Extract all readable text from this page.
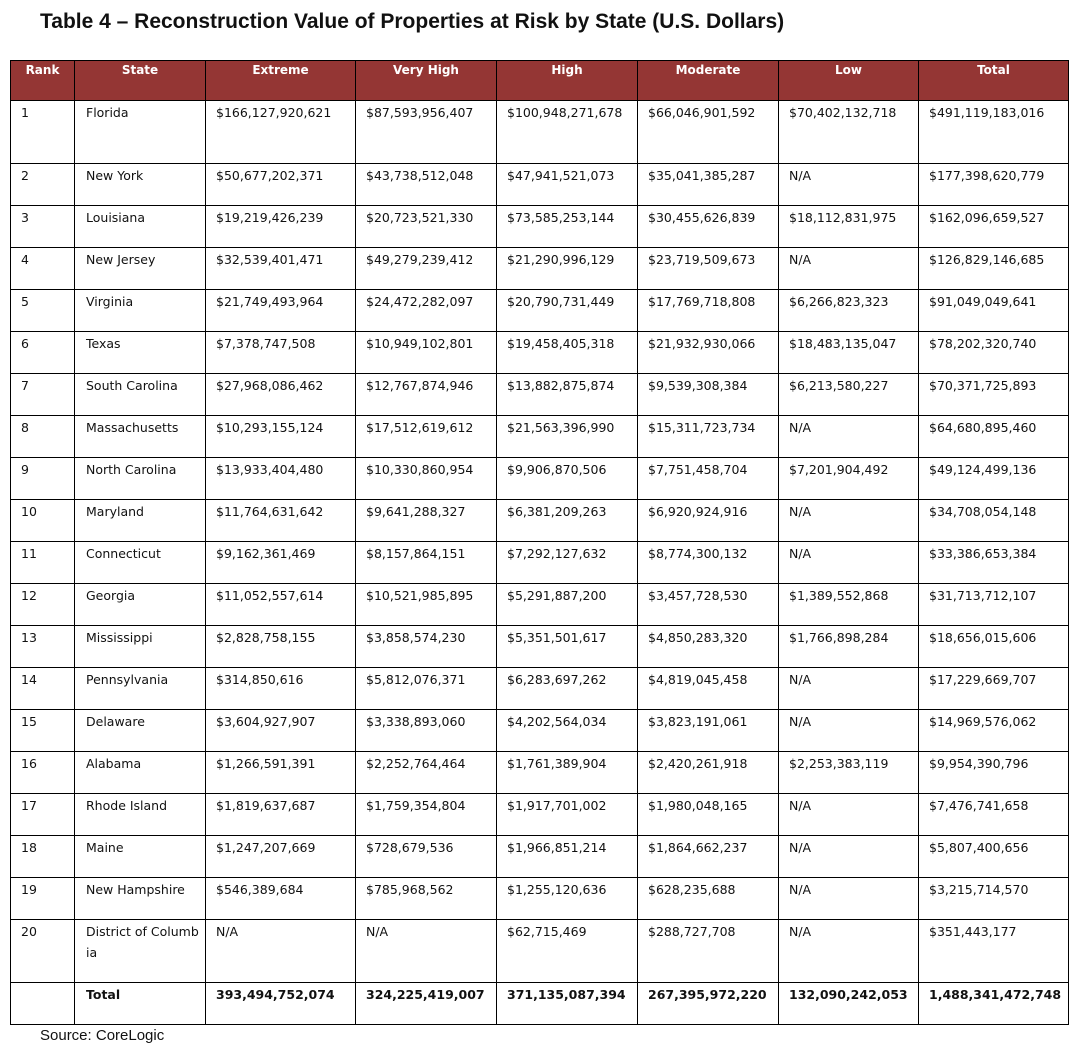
Table 4 – Reconstruction Value of Properties at Risk by State (U.S. Dollars)
Rank	State	Extreme	Very High	High	Moderate	Low	Total
1	Florida	$166,127,920,621	$87,593,956,407	$100,948,271,678	$66,046,901,592	$70,402,132,718	$491,119,183,016
2	New York	$50,677,202,371	$43,738,512,048	$47,941,521,073	$35,041,385,287	N/A	$177,398,620,779
3	Louisiana	$19,219,426,239	$20,723,521,330	$73,585,253,144	$30,455,626,839	$18,112,831,975	$162,096,659,527
4	New Jersey	$32,539,401,471	$49,279,239,412	$21,290,996,129	$23,719,509,673	N/A	$126,829,146,685
5	Virginia	$21,749,493,964	$24,472,282,097	$20,790,731,449	$17,769,718,808	$6,266,823,323	$91,049,049,641
6	Texas	$7,378,747,508	$10,949,102,801	$19,458,405,318	$21,932,930,066	$18,483,135,047	$78,202,320,740
7	South Carolina	$27,968,086,462	$12,767,874,946	$13,882,875,874	$9,539,308,384	$6,213,580,227	$70,371,725,893
8	Massachusetts	$10,293,155,124	$17,512,619,612	$21,563,396,990	$15,311,723,734	N/A	$64,680,895,460
9	North Carolina	$13,933,404,480	$10,330,860,954	$9,906,870,506	$7,751,458,704	$7,201,904,492	$49,124,499,136
10	Maryland	$11,764,631,642	$9,641,288,327	$6,381,209,263	$6,920,924,916	N/A	$34,708,054,148
11	Connecticut	$9,162,361,469	$8,157,864,151	$7,292,127,632	$8,774,300,132	N/A	$33,386,653,384
12	Georgia	$11,052,557,614	$10,521,985,895	$5,291,887,200	$3,457,728,530	$1,389,552,868	$31,713,712,107
13	Mississippi	$2,828,758,155	$3,858,574,230	$5,351,501,617	$4,850,283,320	$1,766,898,284	$18,656,015,606
14	Pennsylvania	$314,850,616	$5,812,076,371	$6,283,697,262	$4,819,045,458	N/A	$17,229,669,707
15	Delaware	$3,604,927,907	$3,338,893,060	$4,202,564,034	$3,823,191,061	N/A	$14,969,576,062
16	Alabama	$1,266,591,391	$2,252,764,464	$1,761,389,904	$2,420,261,918	$2,253,383,119	$9,954,390,796
17	Rhode Island	$1,819,637,687	$1,759,354,804	$1,917,701,002	$1,980,048,165	N/A	$7,476,741,658
18	Maine	$1,247,207,669	$728,679,536	$1,966,851,214	$1,864,662,237	N/A	$5,807,400,656
19	New Hampshire	$546,389,684	$785,968,562	$1,255,120,636	$628,235,688	N/A	$3,215,714,570
20	District of Columbia	N/A	N/A	$62,715,469	$288,727,708	N/A	$351,443,177
	Total	393,494,752,074	324,225,419,007	371,135,087,394	267,395,972,220	132,090,242,053	1,488,341,472,748
Source: CoreLogic
